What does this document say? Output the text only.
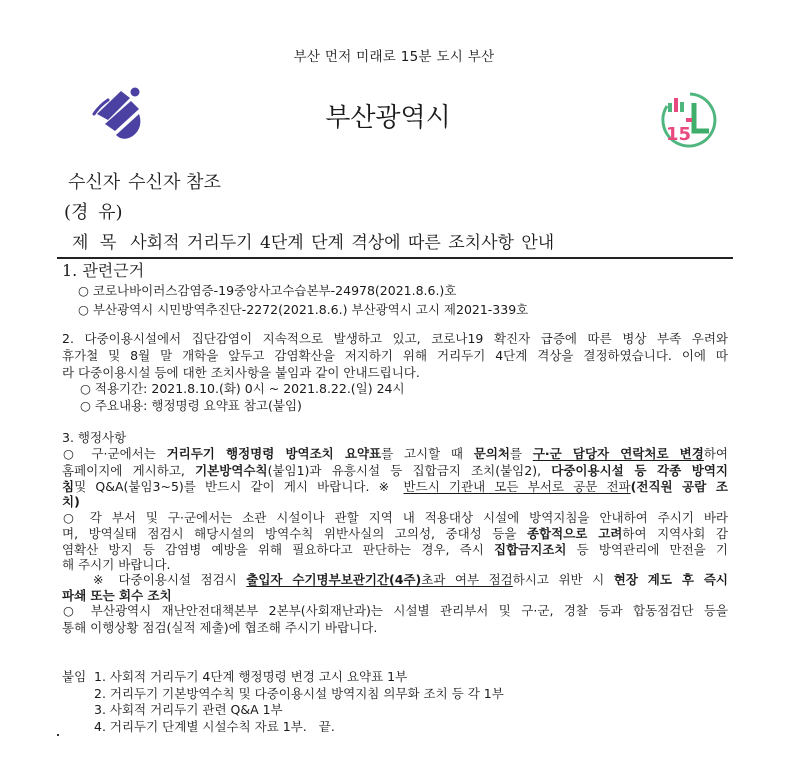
부산 먼저 미래로 15분 도시 부산
부산광역시
15
수신자 수신자 참조
(경 유)
제 목 사회적 거리두기 4단계 단계 격상에 따른 조치사항 안내
1. 관련근거
○ 코로나바이러스감염증-19중앙사고수습본부-24978(2021.8.6.)호
○ 부산광역시 시민방역추진단-2272(2021.8.6.) 부산광역시 고시 제2021-339호
2. 다중이용시설에서 집단감염이 지속적으로 발생하고 있고, 코로나19 확진자 급증에 따른 병상 부족 우려와
휴가철 및 8월 말 개학을 앞두고 감염확산을 저지하기 위해 거리두기 4단계 격상을 결정하였습니다. 이에 따
라 다중이용시설 등에 대한 조치사항을 붙임과 같이 안내드립니다.
○ 적용기간: 2021.8.10.(화) 0시 ~ 2021.8.22.(일) 24시
○ 주요내용: 행정명령 요약표 참고(붙임)
3. 행정사항
○ 구·군에서는 거리두기 행정명령 방역조치 요약표를 고시할 때 문의처를 구·군 담당자 연락처로 변경하여
홈페이지에 게시하고, 기본방역수칙(붙임1)과 유흥시설 등 집합금지 조치(붙임2), 다중이용시설 등 각종 방역지
침및 Q&A(붙임3~5)를 반드시 같이 게시 바랍니다. ※ 반드시 기관내 모든 부서로 공문 전파(전직원 공람 조
치)
○ 각 부서 및 구·군에서는 소관 시설이나 관할 지역 내 적용대상 시설에 방역지침을 안내하여 주시기 바라
며, 방역실태 점검시 해당시설의 방역수칙 위반사실의 고의성, 중대성 등을 종합적으로 고려하여 지역사회 감
염확산 방지 등 감염병 예방을 위해 필요하다고 판단하는 경우, 즉시 집합금지조치 등 방역관리에 만전을 기
해 주시기 바랍니다.
※ 다중이용시설 점검시 출입자 수기명부보관기간(4주)초과 여부 점검하시고 위반 시 현장 계도 후 즉시
파쇄 또는 회수 조치
○ 부산광역시 재난안전대책본부 2본부(사회재난과)는 시설별 관리부서 및 구·군, 경찰 등과 합동점검단 등을
통해 이행상황 점검(실적 제출)에 협조해 주시기 바랍니다.
붙임 1. 사회적 거리두기 4단계 행정명령 변경 고시 요약표 1부
2. 거리두기 기본방역수칙 및 다중이용시설 방역지침 의무화 조치 등 각 1부
3. 사회적 거리두기 관련 Q&A 1부
4. 거리두기 단계별 시설수칙 자료 1부. 끝.
